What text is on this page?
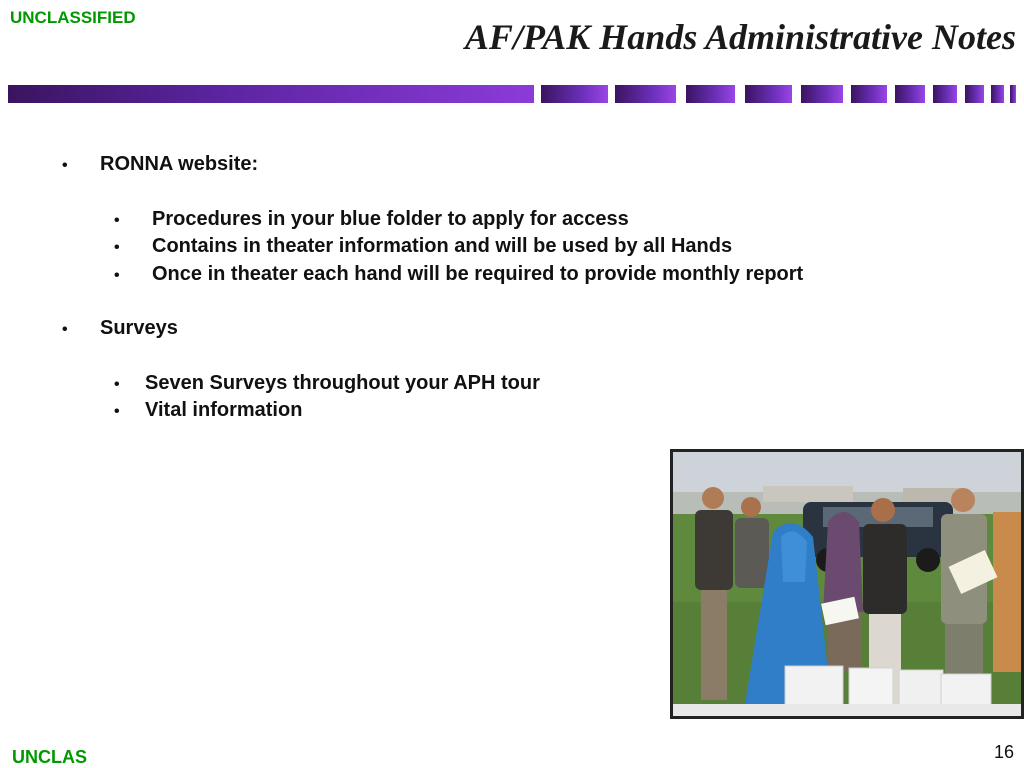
UNCLASSIFIED	AF/PAK Hands Administrative Notes
• RONNA website:
• Procedures in your blue folder to apply for access
• Contains in theater information and will be used by all Hands
• Once in theater each hand will be required to provide monthly report
• Surveys
• Seven Surveys throughout your APH tour
• Vital information
UNCLAS	16
